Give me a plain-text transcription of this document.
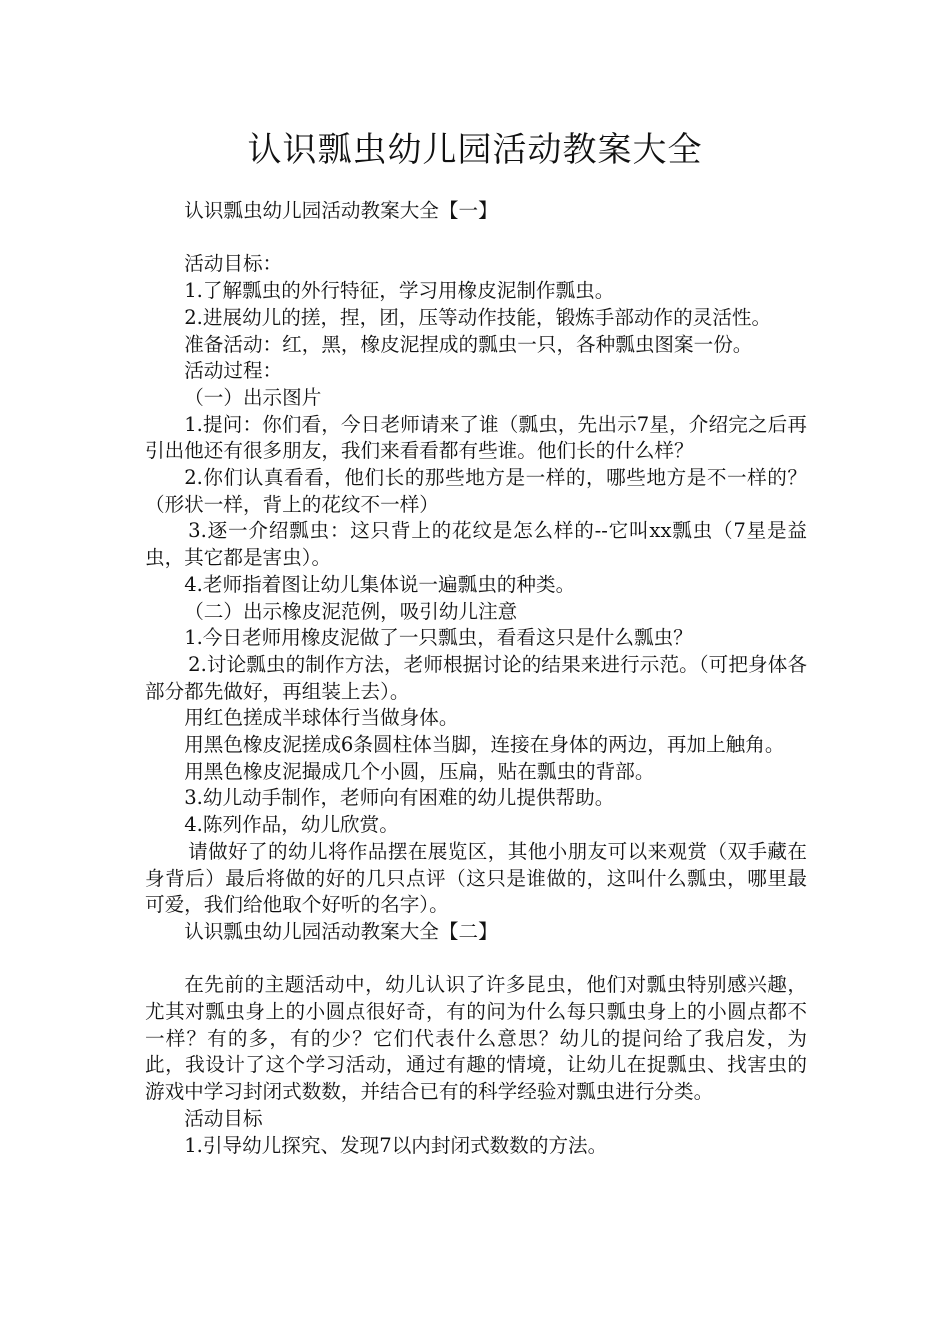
认识瓢虫幼儿园活动教案大全

认识瓢虫幼儿园活动教案大全【一】

活动目标：

1.了解瓢虫的外行特征，学习用橡皮泥制作瓢虫。

2.进展幼儿的搓，捏，团，压等动作技能，锻炼手部动作的灵活性。

准备活动：红，黑，橡皮泥捏成的瓢虫一只，各种瓢虫图案一份。

活动过程：

（一）出示图片

1.提问：你们看，今日老师请来了谁（瓢虫，先出示7星，介绍完之后再引出他还有很多朋友，我们来看看都有些谁。他们长的什么样？

2.你们认真看看，他们长的那些地方是一样的，哪些地方是不一样的？（形状一样，背上的花纹不一样）

3.逐一介绍瓢虫：这只背上的花纹是怎么样的--它叫xx瓢虫（7星是益虫，其它都是害虫）。

4.老师指着图让幼儿集体说一遍瓢虫的种类。

（二）出示橡皮泥范例，吸引幼儿注意

1.今日老师用橡皮泥做了一只瓢虫，看看这只是什么瓢虫？

2.讨论瓢虫的制作方法，老师根据讨论的结果来进行示范。（可把身体各部分都先做好，再组装上去）。

用红色搓成半球体行当做身体。

用黑色橡皮泥搓成6条圆柱体当脚，连接在身体的两边，再加上触角。

用黑色橡皮泥撮成几个小圆，压扁，贴在瓢虫的背部。

3.幼儿动手制作，老师向有困难的幼儿提供帮助。

4.陈列作品，幼儿欣赏。

请做好了的幼儿将作品摆在展览区，其他小朋友可以来观赏（双手藏在身背后）最后将做的好的几只点评（这只是谁做的，这叫什么瓢虫，哪里最可爱，我们给他取个好听的名字）。

认识瓢虫幼儿园活动教案大全【二】

在先前的主题活动中，幼儿认识了许多昆虫，他们对瓢虫特别感兴趣，尤其对瓢虫身上的小圆点很好奇，有的问为什么每只瓢虫身上的小圆点都不一样？有的多，有的少？它们代表什么意思？幼儿的提问给了我启发，为此，我设计了这个学习活动，通过有趣的情境，让幼儿在捉瓢虫、找害虫的游戏中学习封闭式数数，并结合已有的科学经验对瓢虫进行分类。

活动目标

1.引导幼儿探究、发现7以内封闭式数数的方法。
